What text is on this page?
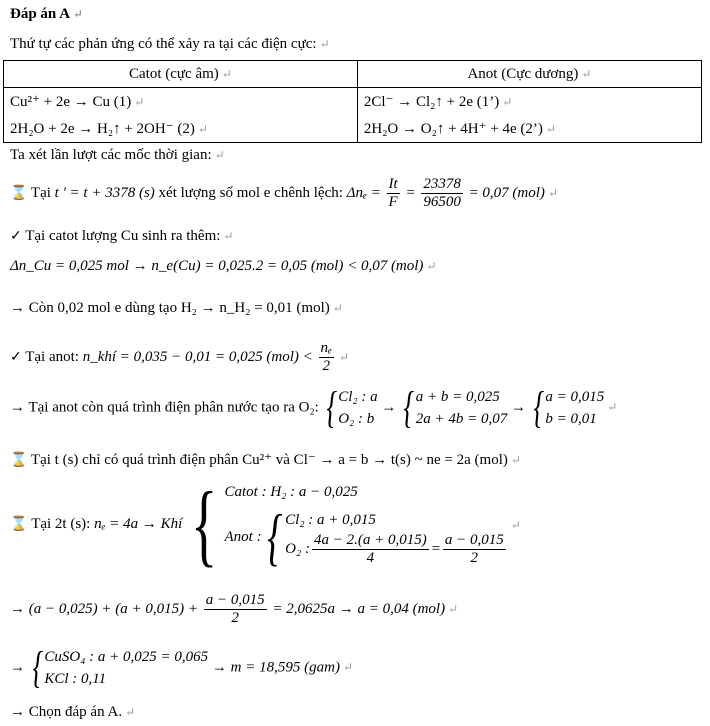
Đáp án A ↵
Thứ tự các phản ứng có thể xảy ra tại các điện cực: ↵
Catot (cực âm) ↵	Anot (Cực dương) ↵
Cu²⁺ + 2e → Cu (1) ↵	2Cl⁻ → Cl₂↑ + 2e (1’) ↵
2H₂O + 2e → H₂↑ + 2OH⁻ (2) ↵	2H₂O → O₂↑ + 4H⁺ + 4e (2’) ↵
Ta xét lần lượt các mốc thời gian: ↵
⌛ Tại t ' = t + 3378 (s) xét lượng số mol e chênh lệch: $\Delta n_e = \frac{It}{F} = \frac{23378}{96500} = 0,07$ (mol) ↵
✓ Tại catot lượng Cu sinh ra thêm: ↵
Δn_Cu = 0,025 mol → n_e(Cu) = 0,025.2 = 0,05 (mol) < 0,07 (mol) ↵
→ Còn 0,02 mol e dùng tạo H₂ → n_H₂ = 0,01 (mol) ↵
✓ Tại anot: n_khí = 0,035 − 0,01 = 0,025 $(mol) < \frac{\text{nₑ}}{2}$ ↵
→ Tại anot còn quá trình điện phân nước tạo ra O₂: { Cl₂ : a
O₂ : b
→ { a + b = 0,025
2a + 4b = 0,07
→ { a = 0,015
b = 0,01
↵
⌛ Tại t (s) chỉ có quá trình điện phân Cu²⁺ và Cl⁻ → a = b → t(s) ~ ne = 2a (mol) ↵
⌛
Tại 2t (s):
nₑ = 4a → Khí { Catot : H₂ : a − 0,025
Anot : { Cl₂ : a + 0,015
O₂ : $\frac{4a - 2.(a + 0,015)}{4} = \frac{a - 0,015}{2}$
↵
→ $(a - 0,025) + (a + 0,015) + \frac{a - 0,015}{2} = 2,0625a \to a = 0,04$ (mol) ↵
→ { CuSO₄ : a + 0,025 = 0,065
KCl : 0,11
→ m = 18,595 (gam) ↵
→ Chọn đáp án A. ↵
